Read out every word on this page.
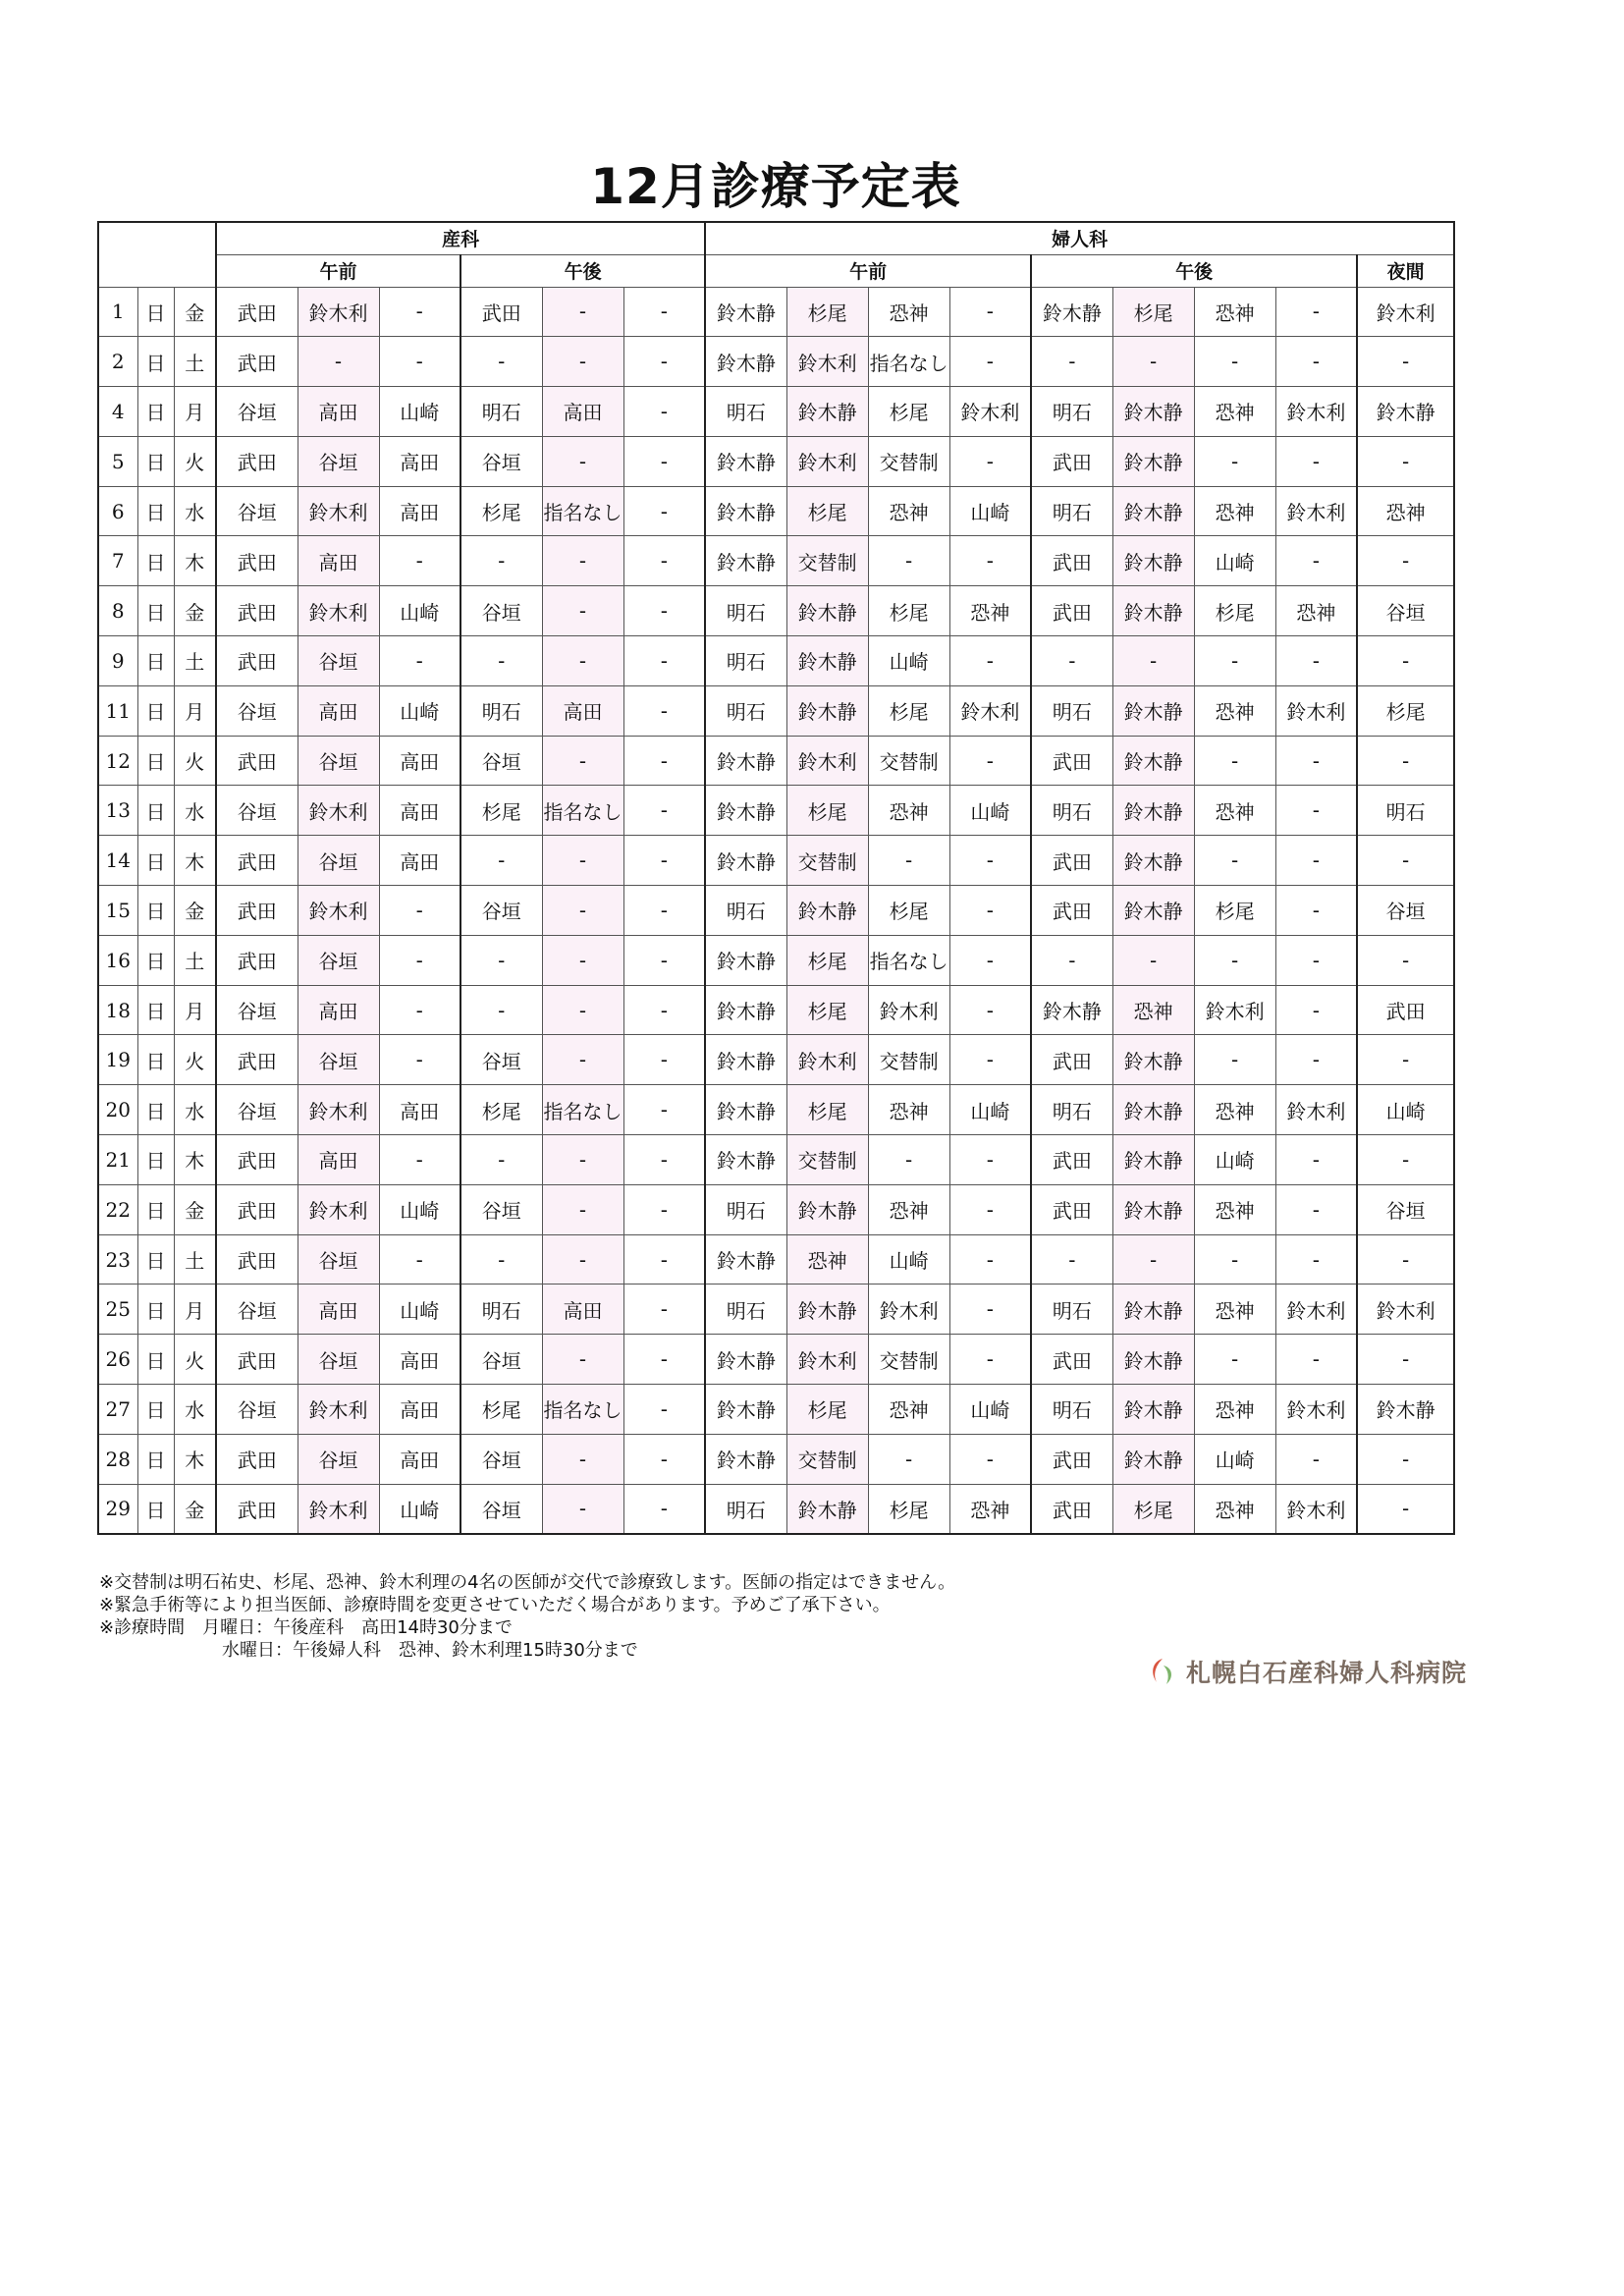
12月診療予定表
			産科						婦人科								
			午前			午後			午前				午後				夜間
1	日	金	武田	鈴木利	-	武田	-	-	鈴木静	杉尾	恐神	-	鈴木静	杉尾	恐神	-	鈴木利
2	日	土	武田	-	-	-	-	-	鈴木静	鈴木利	指名なし	-	-	-	-	-	-
4	日	月	谷垣	高田	山崎	明石	高田	-	明石	鈴木静	杉尾	鈴木利	明石	鈴木静	恐神	鈴木利	鈴木静
5	日	火	武田	谷垣	高田	谷垣	-	-	鈴木静	鈴木利	交替制	-	武田	鈴木静	-	-	-
6	日	水	谷垣	鈴木利	高田	杉尾	指名なし	-	鈴木静	杉尾	恐神	山崎	明石	鈴木静	恐神	鈴木利	恐神
7	日	木	武田	高田	-	-	-	-	鈴木静	交替制	-	-	武田	鈴木静	山崎	-	-
8	日	金	武田	鈴木利	山崎	谷垣	-	-	明石	鈴木静	杉尾	恐神	武田	鈴木静	杉尾	恐神	谷垣
9	日	土	武田	谷垣	-	-	-	-	明石	鈴木静	山崎	-	-	-	-	-	-
11	日	月	谷垣	高田	山崎	明石	高田	-	明石	鈴木静	杉尾	鈴木利	明石	鈴木静	恐神	鈴木利	杉尾
12	日	火	武田	谷垣	高田	谷垣	-	-	鈴木静	鈴木利	交替制	-	武田	鈴木静	-	-	-
13	日	水	谷垣	鈴木利	高田	杉尾	指名なし	-	鈴木静	杉尾	恐神	山崎	明石	鈴木静	恐神	-	明石
14	日	木	武田	谷垣	高田	-	-	-	鈴木静	交替制	-	-	武田	鈴木静	-	-	-
15	日	金	武田	鈴木利	-	谷垣	-	-	明石	鈴木静	杉尾	-	武田	鈴木静	杉尾	-	谷垣
16	日	土	武田	谷垣	-	-	-	-	鈴木静	杉尾	指名なし	-	-	-	-	-	-
18	日	月	谷垣	高田	-	-	-	-	鈴木静	杉尾	鈴木利	-	鈴木静	恐神	鈴木利	-	武田
19	日	火	武田	谷垣	-	谷垣	-	-	鈴木静	鈴木利	交替制	-	武田	鈴木静	-	-	-
20	日	水	谷垣	鈴木利	高田	杉尾	指名なし	-	鈴木静	杉尾	恐神	山崎	明石	鈴木静	恐神	鈴木利	山崎
21	日	木	武田	高田	-	-	-	-	鈴木静	交替制	-	-	武田	鈴木静	山崎	-	-
22	日	金	武田	鈴木利	山崎	谷垣	-	-	明石	鈴木静	恐神	-	武田	鈴木静	恐神	-	谷垣
23	日	土	武田	谷垣	-	-	-	-	鈴木静	恐神	山崎	-	-	-	-	-	-
25	日	月	谷垣	高田	山崎	明石	高田	-	明石	鈴木静	鈴木利	-	明石	鈴木静	恐神	鈴木利	鈴木利
26	日	火	武田	谷垣	高田	谷垣	-	-	鈴木静	鈴木利	交替制	-	武田	鈴木静	-	-	-
27	日	水	谷垣	鈴木利	高田	杉尾	指名なし	-	鈴木静	杉尾	恐神	山崎	明石	鈴木静	恐神	鈴木利	鈴木静
28	日	木	武田	谷垣	高田	谷垣	-	-	鈴木静	交替制	-	-	武田	鈴木静	山崎	-	-
29	日	金	武田	鈴木利	山崎	谷垣	-	-	明石	鈴木静	杉尾	恐神	武田	杉尾	恐神	鈴木利	-
※交替制は明石祐史、杉尾、恐神、鈴木利理の4名の医師が交代で診療致します。医師の指定はできません。
※緊急手術等により担当医師、診療時間を変更させていただく場合があります。予めご了承下さい。
※診療時間　月曜日：午後産科　高田14時30分まで
水曜日：午後婦人科　恐神、鈴木利理15時30分まで
札幌白石産科婦人科病院
